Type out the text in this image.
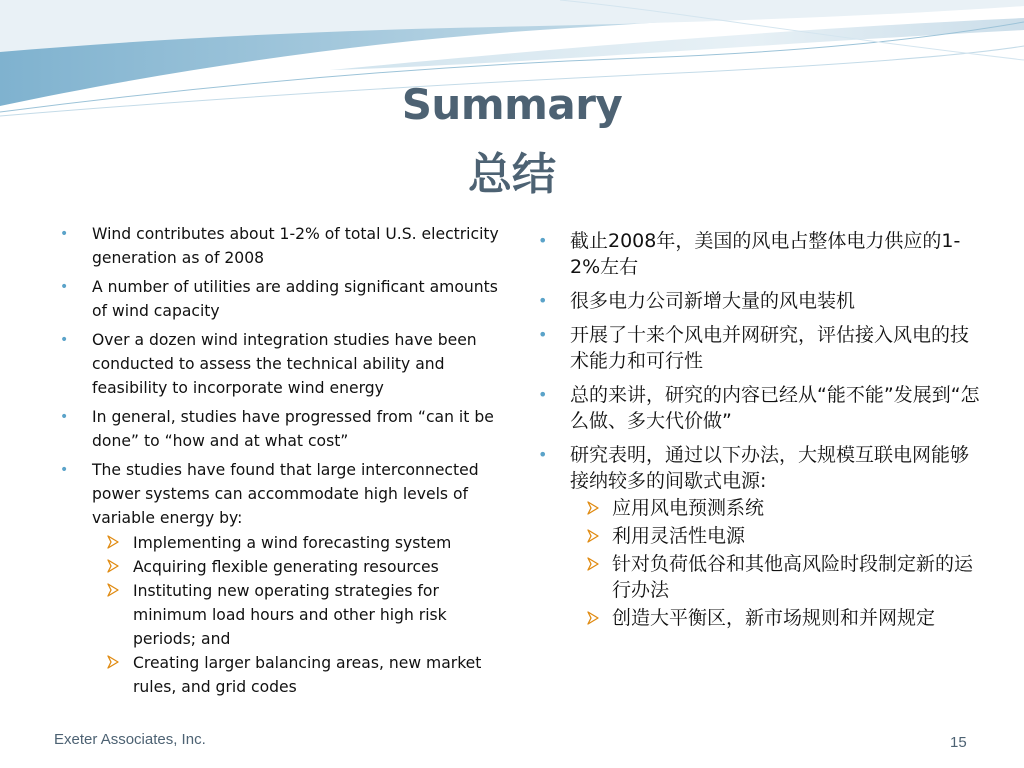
Summary
总结
• Wind contributes about 1-2% of total U.S. electricity generation as of 2008
• A number of utilities are adding significant amounts of wind capacity
• Over a dozen wind integration studies have been conducted to assess the technical ability and feasibility to incorporate wind energy
• In general, studies have progressed from “can it be done” to “how and at what cost”
• The studies have found that large interconnected power systems can accommodate high levels of variable energy by:
Implementing a wind forecasting system
Acquiring flexible generating resources
Instituting new operating strategies for minimum load hours and other high risk periods; and
Creating larger balancing areas, new market rules, and grid codes
• 截止2008年，美国的风电占整体电力供应的1-2%左右
• 很多电力公司新增大量的风电装机
• 开展了十来个风电并网研究，评估接入风电的技术能力和可行性
• 总的来讲，研究的内容已经从“能不能”发展到“怎么做、多大代价做”
• 研究表明，通过以下办法，大规模互联电网能够接纳较多的间歇式电源:
应用风电预测系统
利用灵活性电源
针对负荷低谷和其他高风险时段制定新的运行办法
创造大平衡区，新市场规则和并网规定
Exeter Associates, Inc.	15
